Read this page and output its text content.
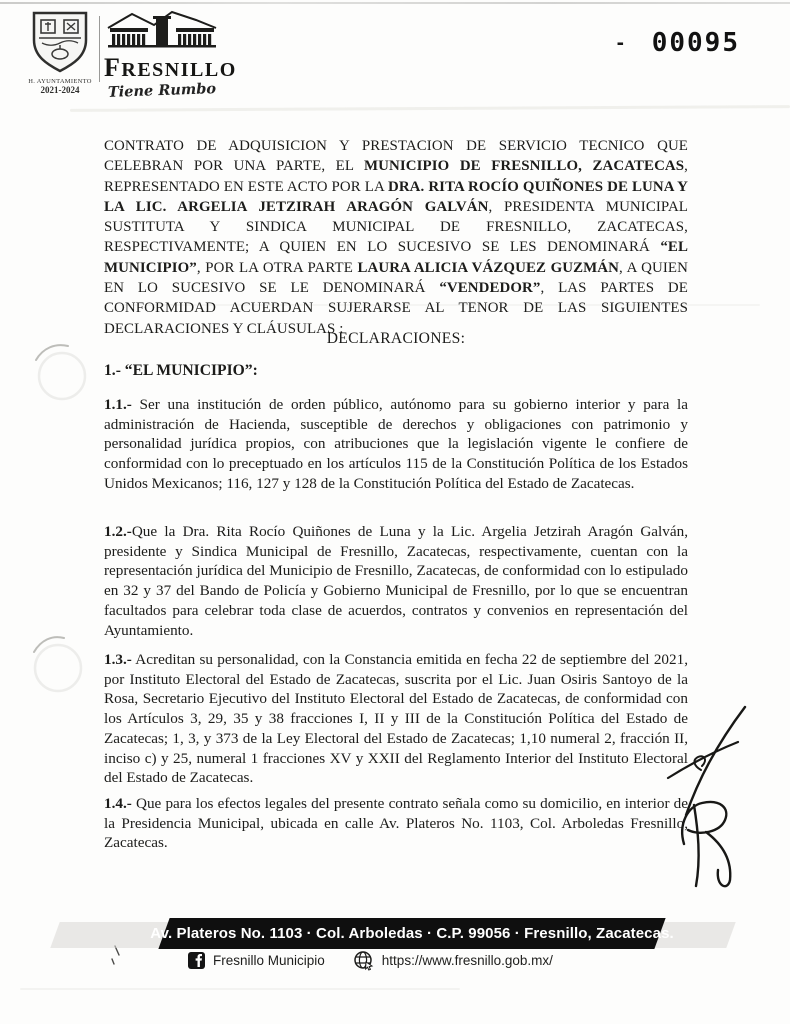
H. AYUNTAMIENTO
2021-2024
FRESNILLO
Tiene Rumbo
- 00095
CONTRATO DE ADQUISICION Y PRESTACION DE SERVICIO TECNICO QUE CELEBRAN POR UNA PARTE, EL MUNICIPIO DE FRESNILLO, ZACATECAS, REPRESENTADO EN ESTE ACTO POR LA DRA. RITA ROCÍO QUIÑONES DE LUNA Y LA LIC. ARGELIA JETZIRAH ARAGÓN GALVÁN, PRESIDENTA MUNICIPAL SUSTITUTA Y SINDICA MUNICIPAL DE FRESNILLO, ZACATECAS, RESPECTIVAMENTE; A QUIEN EN LO SUCESIVO SE LES DENOMINARÁ “EL MUNICIPIO”, POR LA OTRA PARTE LAURA ALICIA VÁZQUEZ GUZMÁN, A QUIEN EN LO SUCESIVO SE LE DENOMINARÁ “VENDEDOR”, LAS PARTES DE CONFORMIDAD ACUERDAN SUJERARSE AL TENOR DE LAS SIGUIENTES DECLARACIONES Y CLÁUSULAS :
DECLARACIONES:
1.- “EL MUNICIPIO”:
1.1.- Ser una institución de orden público, autónomo para su gobierno interior y para la administración de Hacienda, susceptible de derechos y obligaciones con patrimonio y personalidad jurídica propios, con atribuciones que la legislación vigente le confiere de conformidad con lo preceptuado en los artículos 115 de la Constitución Política de los Estados Unidos Mexicanos; 116, 127 y 128 de la Constitución Política del Estado de Zacatecas.
1.2.-Que la Dra. Rita Rocío Quiñones de Luna y la Lic. Argelia Jetzirah Aragón Galván, presidente y Sindica Municipal de Fresnillo, Zacatecas, respectivamente, cuentan con la representación jurídica del Municipio de Fresnillo, Zacatecas, de conformidad con lo estipulado en 32 y 37 del Bando de Policía y Gobierno Municipal de Fresnillo, por lo que se encuentran facultados para celebrar toda clase de acuerdos, contratos y convenios en representación del Ayuntamiento.
1.3.- Acreditan su personalidad, con la Constancia emitida en fecha 22 de septiembre del 2021, por Instituto Electoral del Estado de Zacatecas, suscrita por el Lic. Juan Osiris Santoyo de la Rosa, Secretario Ejecutivo del Instituto Electoral del Estado de Zacatecas, de conformidad con los Artículos 3, 29, 35 y 38 fracciones I, II y III de la Constitución Política del Estado de Zacatecas; 1, 3, y 373 de la Ley Electoral del Estado de Zacatecas; 1,10 numeral 2, fracción II, inciso c) y 25, numeral 1 fracciones XV y XXII del Reglamento Interior del Instituto Electoral del Estado de Zacatecas.
1.4.- Que para los efectos legales del presente contrato señala como su domicilio, en interior de la Presidencia Municipal, ubicada en calle Av. Plateros No. 1103, Col. Arboledas Fresnillo, Zacatecas.
Av. Plateros No. 1103 · Col. Arboledas · C.P. 99056 · Fresnillo, Zacatecas.
Fresnillo Municipio	https://www.fresnillo.gob.mx/
